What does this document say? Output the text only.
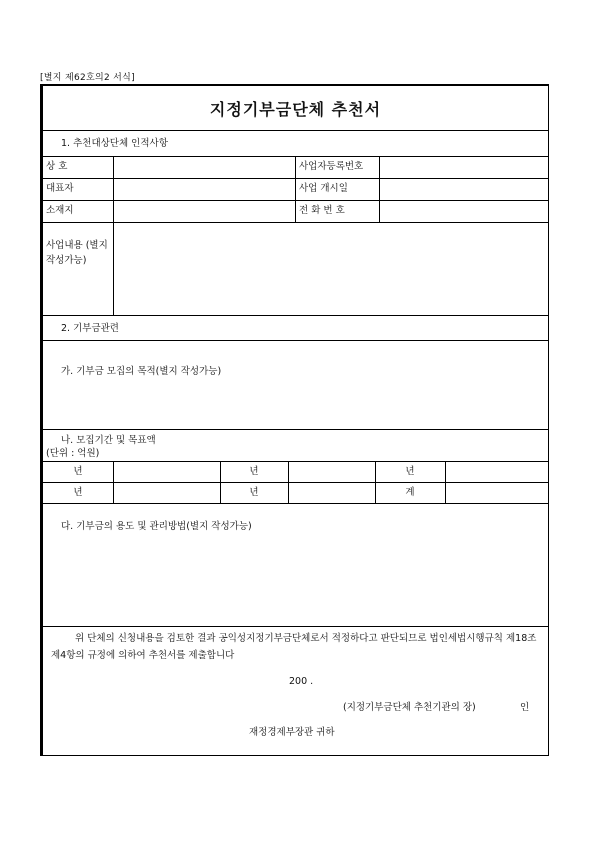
[별지 제62호의2 서식]
지정기부금단체 추천서
1. 추천대상단체 인적사항
상 호	사업자등록번호
대표자	사업 개시일
소재지	전 화 번 호
사업내용 (별지작성가능)
2. 기부금관련
가. 기부금 모집의 목적(별지 작성가능)
나. 모집기간 및 목표액
(단위 : 억원)
년	년	년
년	년	계
다. 기부금의 용도 및 관리방법(별지 작성가능)
위 단체의 신청내용을 검토한 결과 공익성지정기부금단체로서 적정하다고 판단되므로 법인세법시행규칙 제18조제4항의 규정에 의하여 추천서를 제출합니다
200 .
(지정기부금단체 추천기관의 장)	인
재정경제부장관 귀하
